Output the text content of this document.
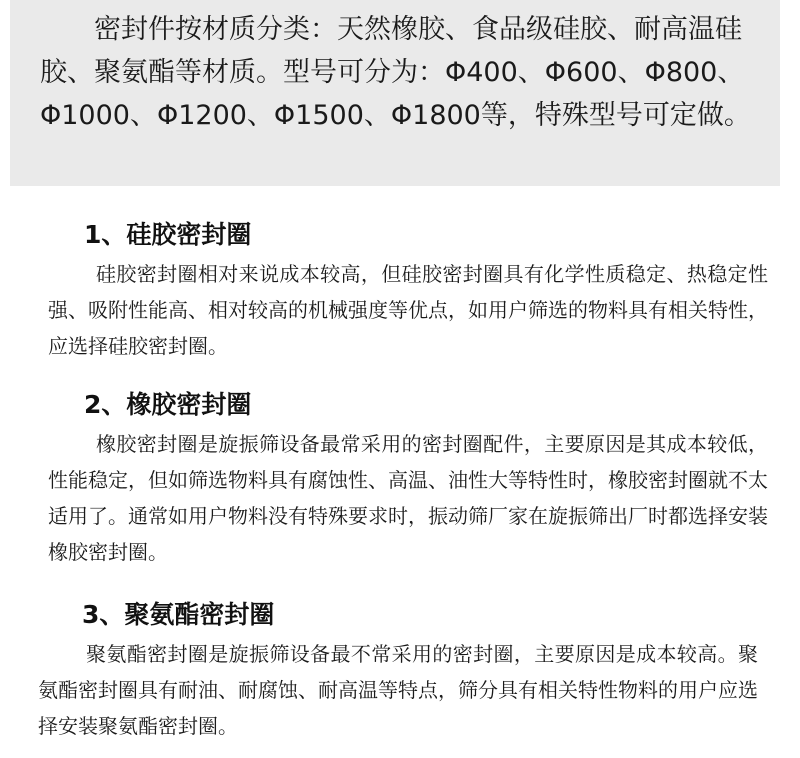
密封件按材质分类：天然橡胶、食品级硅胶、耐高温硅胶、聚氨酯等材质。型号可分为：Φ400、Φ600、Φ800、Φ1000、Φ1200、Φ1500、Φ1800等，特殊型号可定做。

1、硅胶密封圈

硅胶密封圈相对来说成本较高，但硅胶密封圈具有化学性质稳定、热稳定性强、吸附性能高、相对较高的机械强度等优点，如用户筛选的物料具有相关特性，应选择硅胶密封圈。

2、橡胶密封圈

橡胶密封圈是旋振筛设备最常采用的密封圈配件，主要原因是其成本较低，性能稳定，但如筛选物料具有腐蚀性、高温、油性大等特性时，橡胶密封圈就不太适用了。通常如用户物料没有特殊要求时，振动筛厂家在旋振筛出厂时都选择安装橡胶密封圈。

3、聚氨酯密封圈

聚氨酯密封圈是旋振筛设备最不常采用的密封圈，主要原因是成本较高。聚氨酯密封圈具有耐油、耐腐蚀、耐高温等特点，筛分具有相关特性物料的用户应选择安装聚氨酯密封圈。
